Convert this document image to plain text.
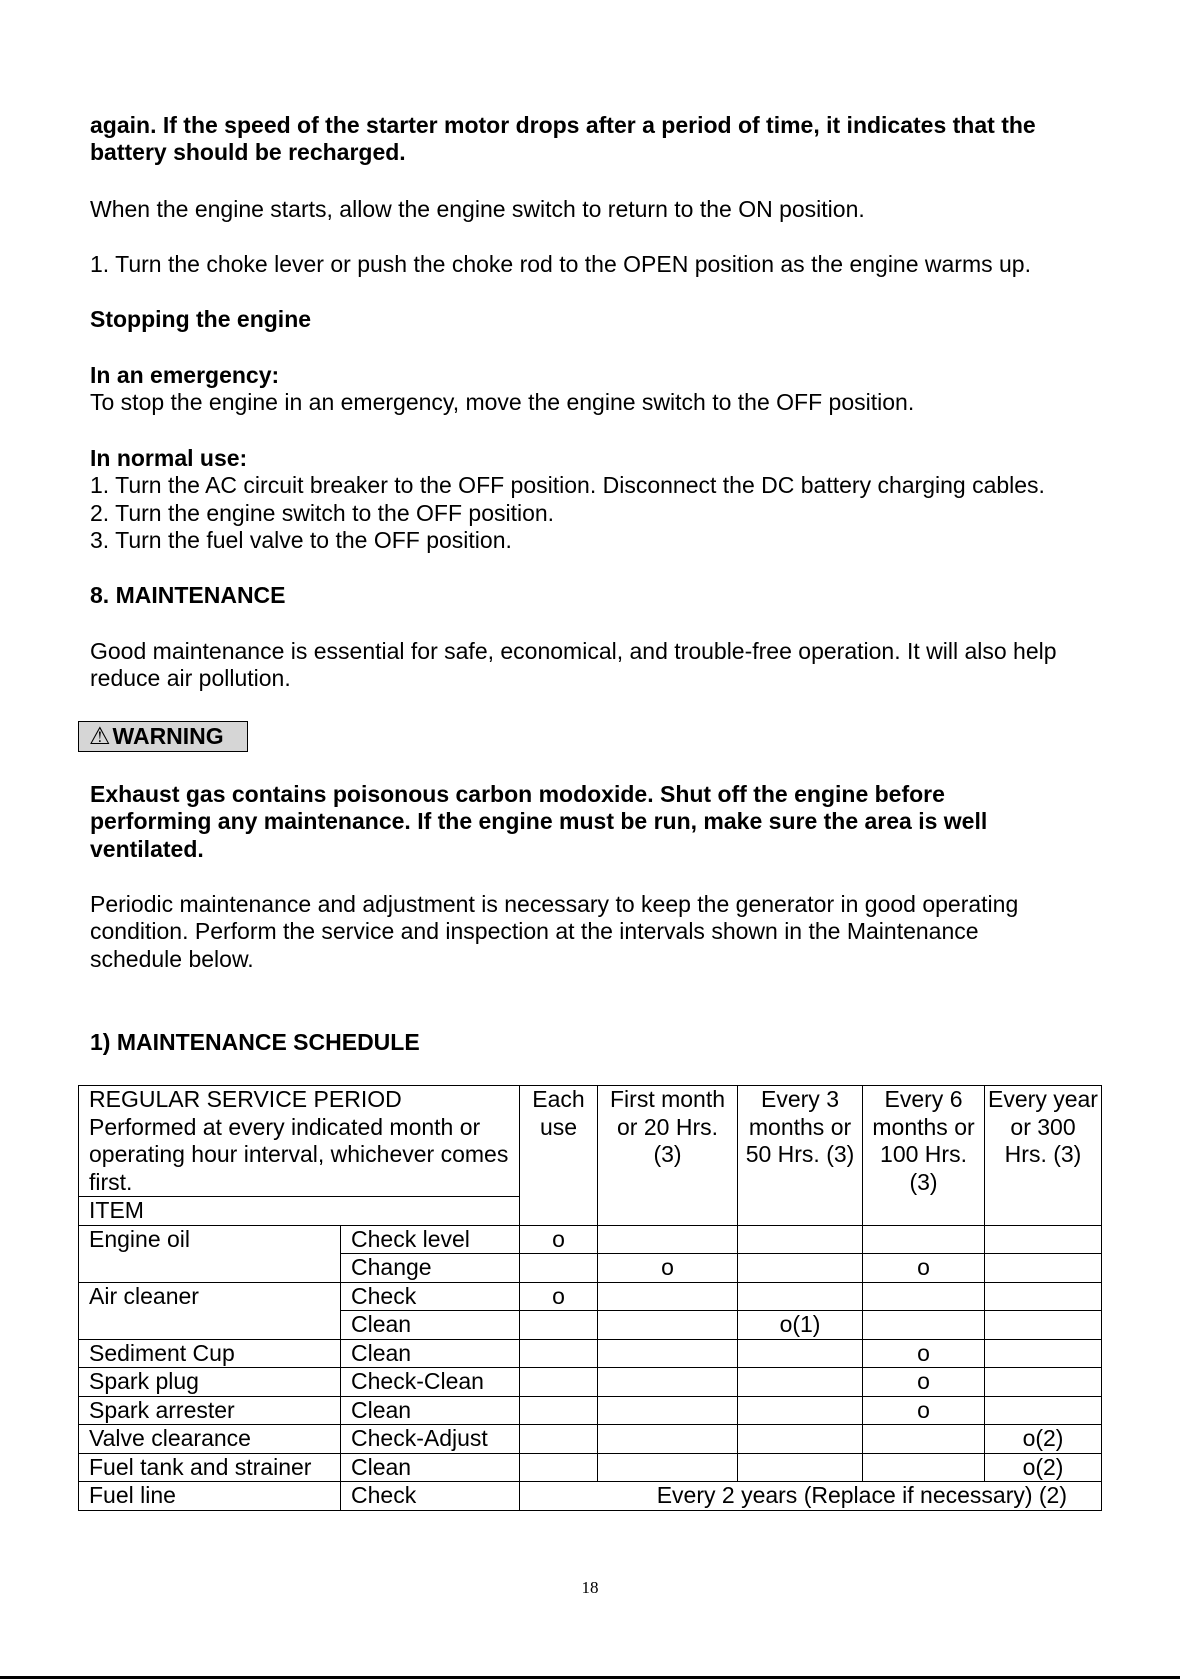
again. If the speed of the starter motor drops after a period of time, it indicates that the

battery should be recharged.

When the engine starts, allow the engine switch to return to the ON position.

1. Turn the choke lever or push the choke rod to the OPEN position as the engine warms up.

Stopping the engine

In an emergency:

To stop the engine in an emergency, move the engine switch to the OFF position.

In normal use:

1. Turn the AC circuit breaker to the OFF position. Disconnect the DC battery charging cables.

2. Turn the engine switch to the OFF position.

3. Turn the fuel valve to the OFF position.

8. MAINTENANCE

Good maintenance is essential for safe, economical, and trouble-free operation. It will also help

reduce air pollution.

⚠WARNING

Exhaust gas contains poisonous carbon modoxide. Shut off the engine before

performing any maintenance. If the engine must be run, make sure the area is well

ventilated.

Periodic maintenance and adjustment is necessary to keep the generator in good operating

condition. Perform the service and inspection at the intervals shown in the Maintenance

schedule below.

1) MAINTENANCE SCHEDULE

REGULAR SERVICE PERIOD
Performed at every indicated month or operating hour interval, whichever comes first.		Each use	First month or 20 Hrs. (3)	Every 3 months or 50 Hrs. (3)	Every 6 months or 100 Hrs. (3)	Every year or 300 Hrs. (3)
ITEM						
Engine oil	Check level	o				
	Change		o		o	
Air cleaner	Check	o				
	Clean			o(1)		
Sediment Cup	Clean				o	
Spark plug	Check-Clean				o	
Spark arrester	Clean				o	
Valve clearance	Check-Adjust					o(2)
Fuel tank and strainer	Clean					o(2)
Fuel line	Check	Every 2 years (Replace if necessary) (2)				
18
